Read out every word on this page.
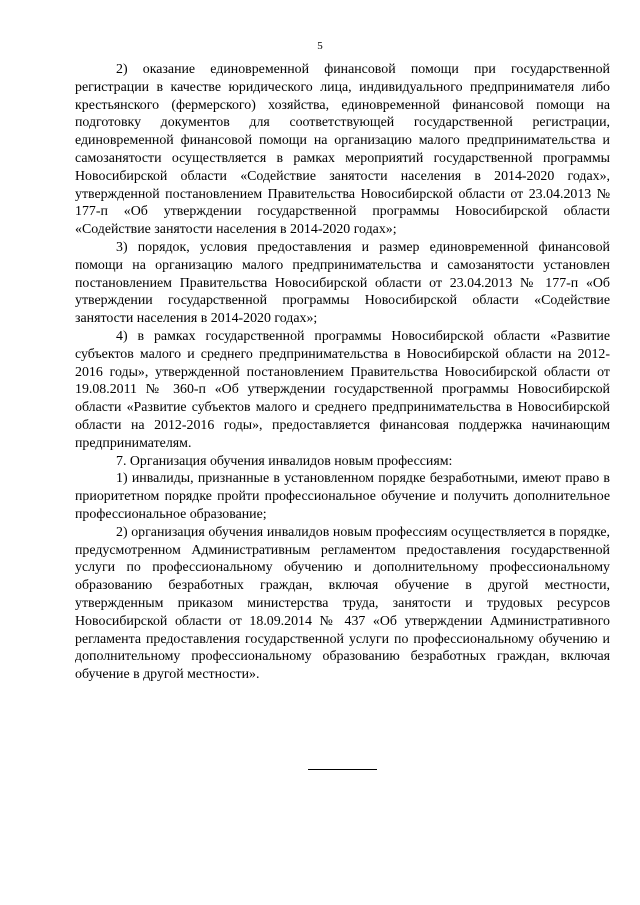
5

2) оказание единовременной финансовой помощи при государственной регистрации в качестве юридического лица, индивидуального предпринимателя либо крестьянского (фермерского) хозяйства, единовременной финансовой помощи на подготовку документов для соответствующей государственной регистрации, единовременной финансовой помощи на организацию малого предпринимательства и самозанятости осуществляется в рамках мероприятий государственной программы Новосибирской области «Содействие занятости населения в 2014-2020 годах», утвержденной постановлением Правительства Новосибирской области от 23.04.2013 № 177-п «Об утверждении государственной программы Новосибирской области «Содействие занятости населения в 2014-2020 годах»;

3) порядок, условия предоставления и размер единовременной финансовой помощи на организацию малого предпринимательства и самозанятости установлен постановлением Правительства Новосибирской области от 23.04.2013 № 177-п «Об утверждении государственной программы Новосибирской области «Содействие занятости населения в 2014-2020 годах»;

4) в рамках государственной программы Новосибирской области «Развитие субъектов малого и среднего предпринимательства в Новосибирской области на 2012-2016 годы», утвержденной постановлением Правительства Новосибирской области от 19.08.2011 № 360-п «Об утверждении государственной программы Новосибирской области «Развитие субъектов малого и среднего предпринимательства в Новосибирской области на 2012-2016 годы», предоставляется финансовая поддержка начинающим предпринимателям.

7. Организация обучения инвалидов новым профессиям:

1) инвалиды, признанные в установленном порядке безработными, имеют право в приоритетном порядке пройти профессиональное обучение и получить дополнительное профессиональное образование;

2) организация обучения инвалидов новым профессиям осуществляется в порядке, предусмотренном Административным регламентом предоставления государственной услуги по профессиональному обучению и дополнительному профессиональному образованию безработных граждан, включая обучение в другой местности, утвержденным приказом министерства труда, занятости и трудовых ресурсов Новосибирской области от 18.09.2014 № 437 «Об утверждении Административного регламента предоставления государственной услуги по профессиональному обучению и дополнительному профессиональному образованию безработных граждан, включая обучение в другой местности».
